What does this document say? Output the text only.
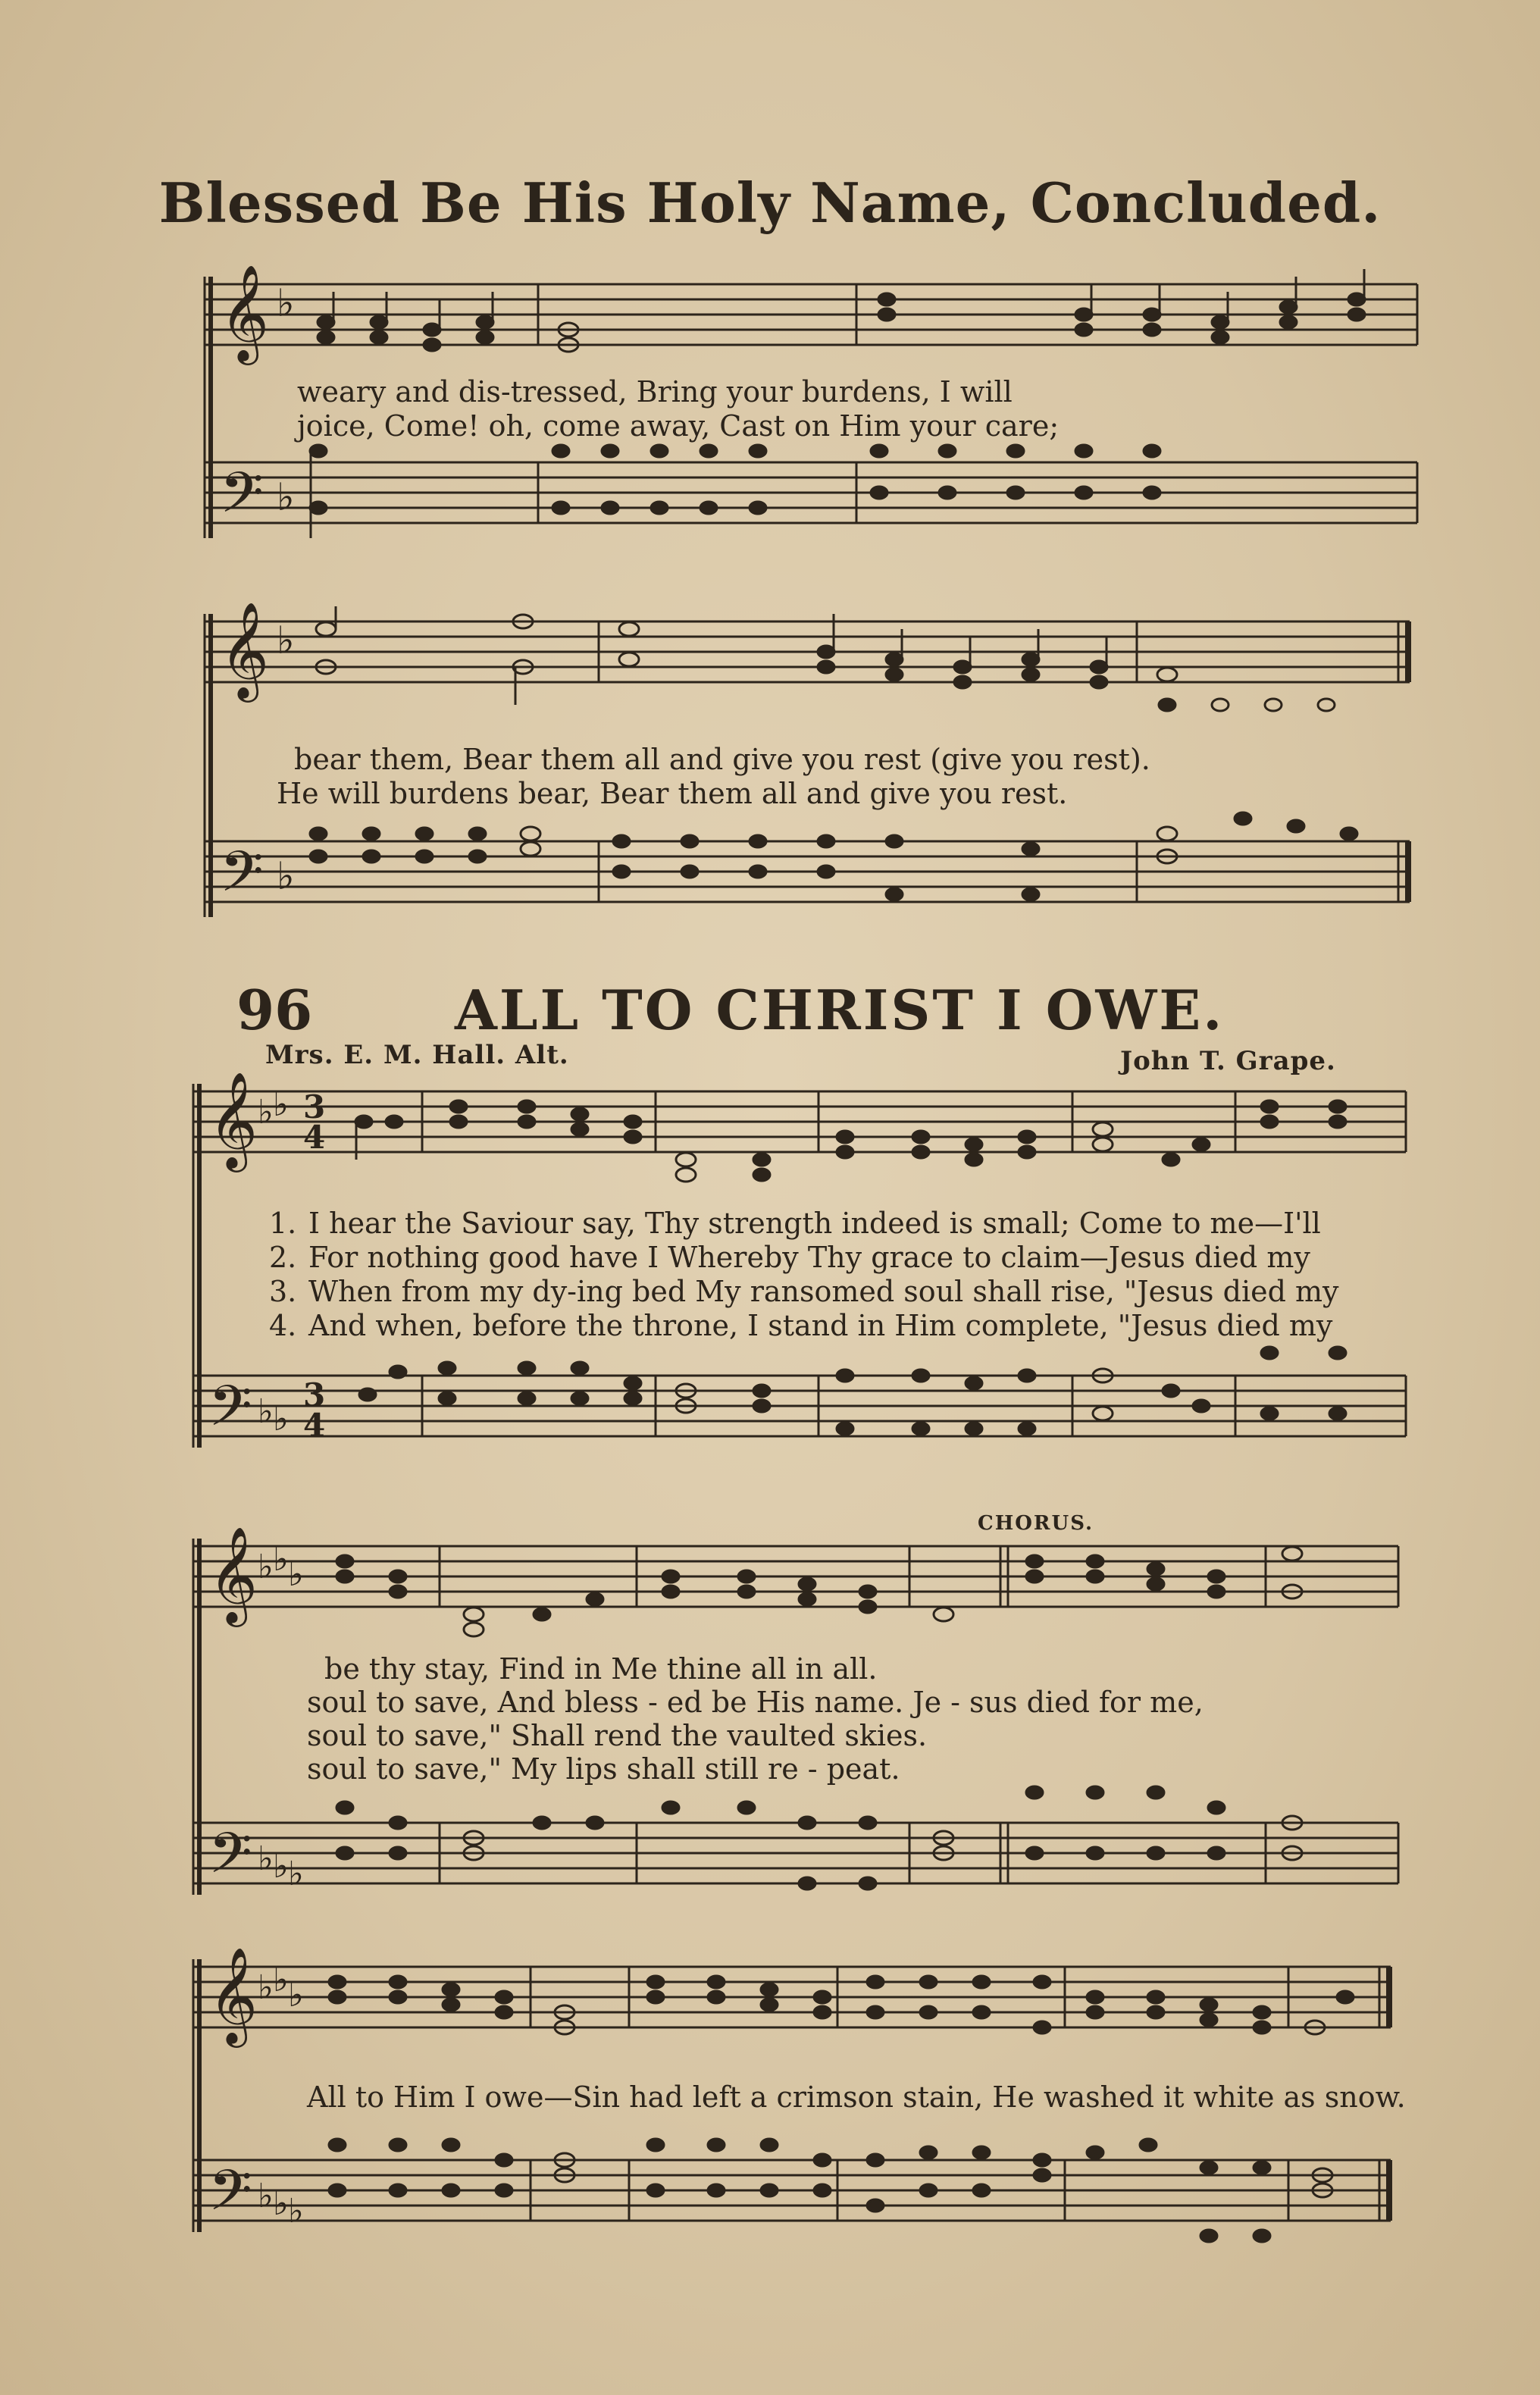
Blessed Be His Holy Name, Concluded.
𝄞
𝄢
♭
♭
weary and dis-tressed, Bring your burdens, I will
joice, Come! oh, come away, Cast on Him your care;
𝄞
𝄢
♭
♭
bear them, Bear them all and give you rest (give you rest).
He will burdens bear, Bear them all and give you rest.
96	ALL TO CHRIST I OWE.
Mrs. E. M. Hall. Alt.	John T. Grape.
𝄞
𝄢
♭ ♭
♭ ♭
3
4
3
4
1. I hear the Saviour say, Thy strength indeed is small; Come to me—I'll
2. For nothing good have I Whereby Thy grace to claim—Jesus died my
3. When from my dy-ing bed My ransomed soul shall rise, "Jesus died my
4. And when, before the throne, I stand in Him complete, "Jesus died my
CHORUS.
𝄞
𝄢
♭ ♭ ♭
♭ ♭ ♭
be thy stay, Find in Me thine all in all.
soul to save, And bless - ed be His name. Je - sus died for me,
soul to save," Shall rend the vaulted skies.
soul to save," My lips shall still re - peat.
𝄞
𝄢
♭ ♭ ♭
♭ ♭ ♭
All to Him I owe—Sin had left a crimson stain, He washed it white as snow.
